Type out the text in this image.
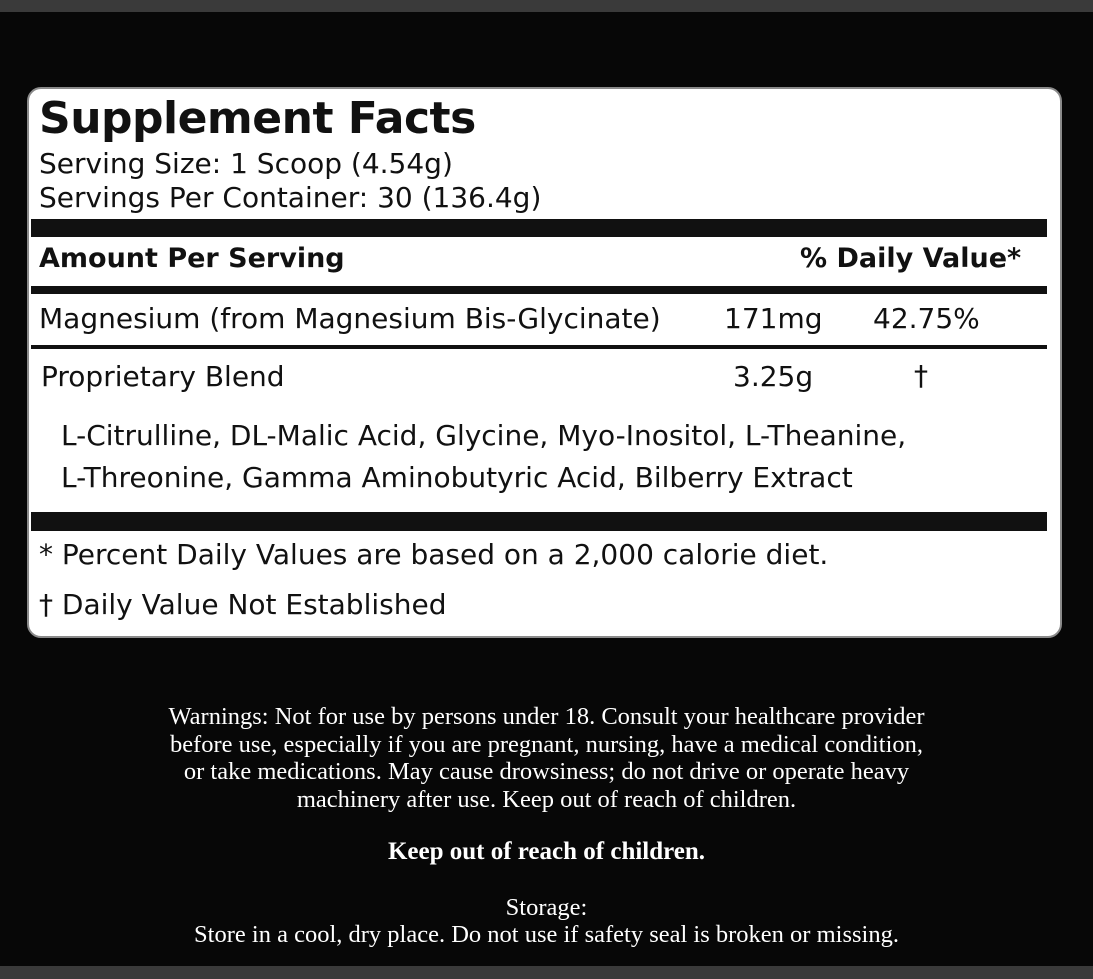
Supplement Facts
Serving Size: 1 Scoop (4.54g)
Servings Per Container: 30 (136.4g)
Amount Per Serving	% Daily Value*
Magnesium (from Magnesium Bis-Glycinate) 171mg 42.75%
Proprietary Blend	3.25g	†
L-Citrulline, DL-Malic Acid, Glycine, Myo-Inositol, L-Theanine,
L-Threonine, Gamma Aminobutyric Acid, Bilberry Extract
* Percent Daily Values are based on a 2,000 calorie diet.
† Daily Value Not Established
Warnings: Not for use by persons under 18. Consult your healthcare provider
before use, especially if you are pregnant, nursing, have a medical condition,
or take medications. May cause drowsiness; do not drive or operate heavy
machinery after use. Keep out of reach of children.
Keep out of reach of children.
Storage:
Store in a cool, dry place. Do not use if safety seal is broken or missing.
